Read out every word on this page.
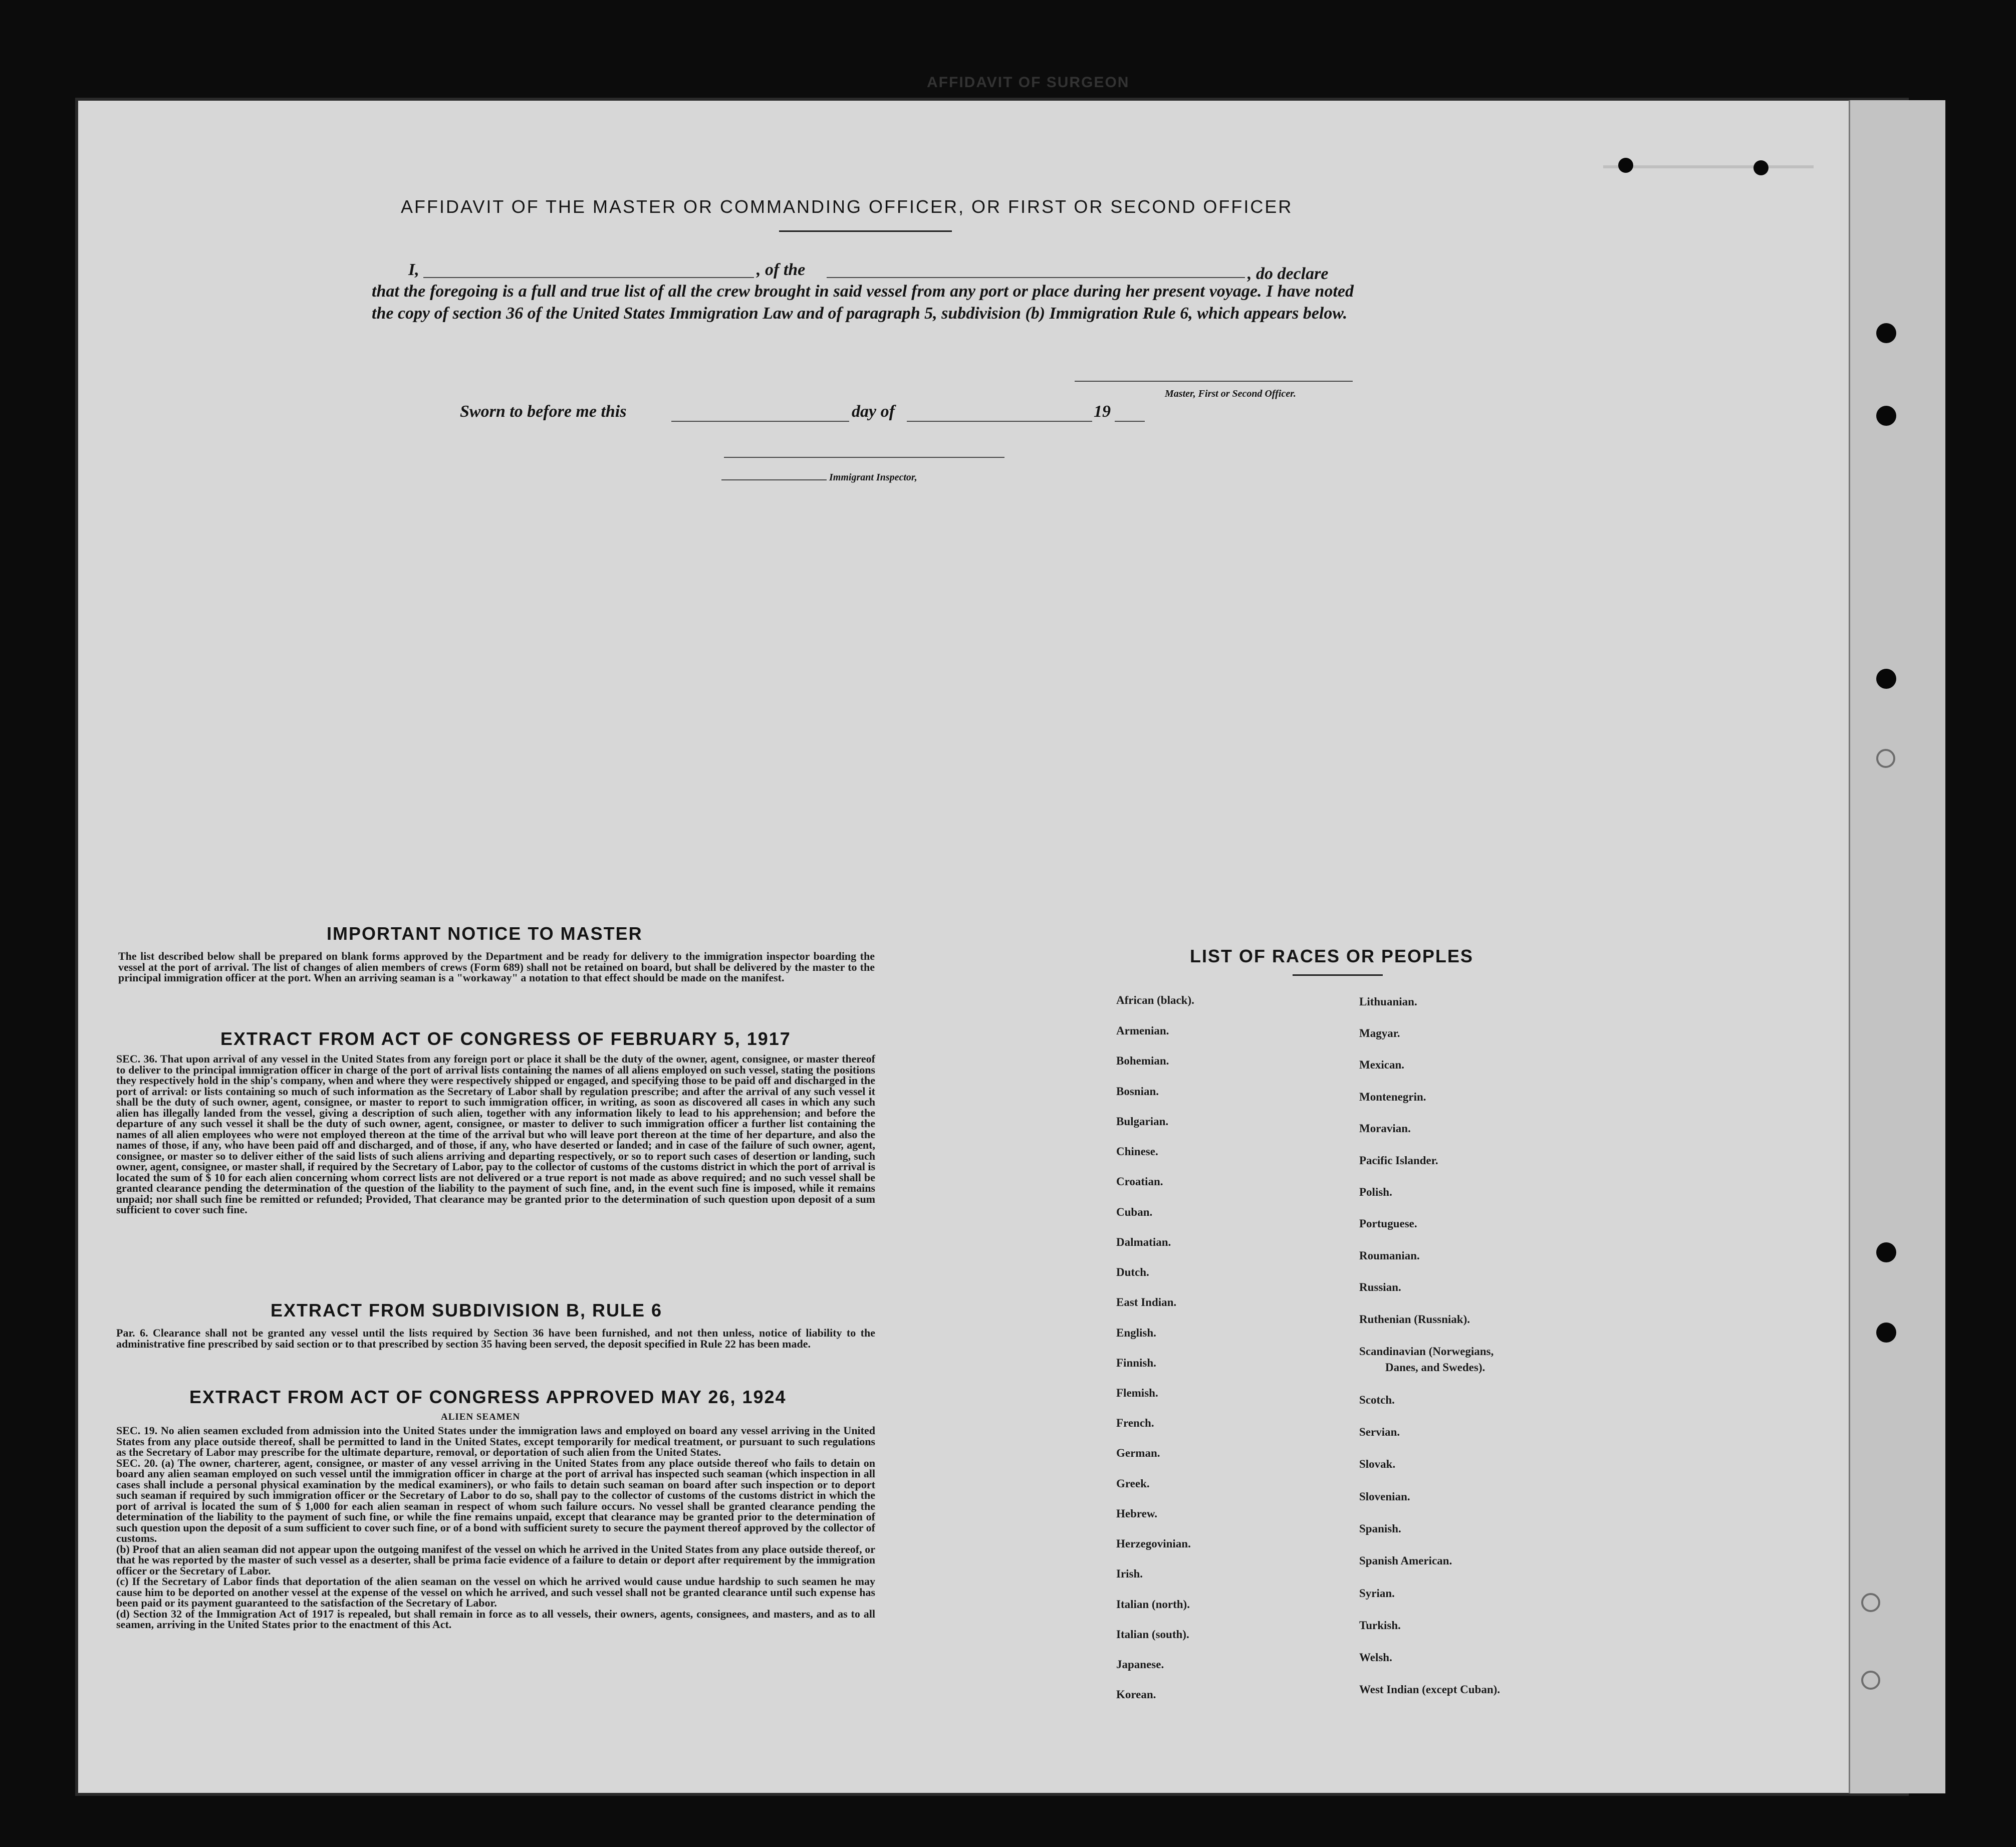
AFFIDAVIT OF SURGEON
AFFIDAVIT OF THE MASTER OR COMMANDING OFFICER, OR FIRST OR SECOND OFFICER
I,	, of the	, do declare
that the foregoing is a full and true list of all the crew brought in said vessel from any port or place during her present voyage. I have noted the copy of section 36 of the United States Immigration Law and of paragraph 5, subdivision (b) Immigration Rule 6, which appears below.
Master, First or Second Officer.
Sworn to before me this	day of	19
Immigrant Inspector,
IMPORTANT NOTICE TO MASTER
The list described below shall be prepared on blank forms approved by the Department and be ready for delivery to the immigration inspector boarding the vessel at the port of arrival. The list of changes of alien members of crews (Form 689) shall not be retained on board, but shall be delivered by the master to the principal immigration officer at the port. When an arriving seaman is a "workaway" a notation to that effect should be made on the manifest.
EXTRACT FROM ACT OF CONGRESS OF FEBRUARY 5, 1917
SEC. 36. That upon arrival of any vessel in the United States from any foreign port or place it shall be the duty of the owner, agent, consignee, or master thereof to deliver to the principal immigration officer in charge of the port of arrival lists containing the names of all aliens employed on such vessel, stating the positions they respectively hold in the ship's company, when and where they were respectively shipped or engaged, and specifying those to be paid off and discharged in the port of arrival: or lists containing so much of such information as the Secretary of Labor shall by regulation prescribe; and after the arrival of any such vessel it shall be the duty of such owner, agent, consignee, or master to report to such immigration officer, in writing, as soon as discovered all cases in which any such alien has illegally landed from the vessel, giving a description of such alien, together with any information likely to lead to his apprehension; and before the departure of any such vessel it shall be the duty of such owner, agent, consignee, or master to deliver to such immigration officer a further list containing the names of all alien employees who were not employed thereon at the time of the arrival but who will leave port thereon at the time of her departure, and also the names of those, if any, who have been paid off and discharged, and of those, if any, who have deserted or landed; and in case of the failure of such owner, agent, consignee, or master so to deliver either of the said lists of such aliens arriving and departing respectively, or so to report such cases of desertion or landing, such owner, agent, consignee, or master shall, if required by the Secretary of Labor, pay to the collector of customs of the customs district in which the port of arrival is located the sum of $ 10 for each alien concerning whom correct lists are not delivered or a true report is not made as above required; and no such vessel shall be granted clearance pending the determination of the question of the liability to the payment of such fine, and, in the event such fine is imposed, while it remains unpaid; nor shall such fine be remitted or refunded; Provided, That clearance may be granted prior to the determination of such question upon deposit of a sum sufficient to cover such fine.
EXTRACT FROM SUBDIVISION B, RULE 6
Par. 6. Clearance shall not be granted any vessel until the lists required by Section 36 have been furnished, and not then unless, notice of liability to the administrative fine prescribed by said section or to that prescribed by section 35 having been served, the deposit specified in Rule 22 has been made.
EXTRACT FROM ACT OF CONGRESS APPROVED MAY 26, 1924
ALIEN SEAMEN
SEC. 19. No alien seamen excluded from admission into the United States under the immigration laws and employed on board any vessel arriving in the United States from any place outside thereof, shall be permitted to land in the United States, except temporarily for medical treatment, or pursuant to such regulations as the Secretary of Labor may prescribe for the ultimate departure, removal, or deportation of such alien from the United States.
SEC. 20. (a) The owner, charterer, agent, consignee, or master of any vessel arriving in the United States from any place outside thereof who fails to detain on board any alien seaman employed on such vessel until the immigration officer in charge at the port of arrival has inspected such seaman (which inspection in all cases shall include a personal physical examination by the medical examiners), or who fails to detain such seaman on board after such inspection or to deport such seaman if required by such immigration officer or the Secretary of Labor to do so, shall pay to the collector of customs of the customs district in which the port of arrival is located the sum of $ 1,000 for each alien seaman in respect of whom such failure occurs. No vessel shall be granted clearance pending the determination of the liability to the payment of such fine, or while the fine remains unpaid, except that clearance may be granted prior to the determination of such question upon the deposit of a sum sufficient to cover such fine, or of a bond with sufficient surety to secure the payment thereof approved by the collector of customs.
(b) Proof that an alien seaman did not appear upon the outgoing manifest of the vessel on which he arrived in the United States from any place outside thereof, or that he was reported by the master of such vessel as a deserter, shall be prima facie evidence of a failure to detain or deport after requirement by the immigration officer or the Secretary of Labor.
(c) If the Secretary of Labor finds that deportation of the alien seaman on the vessel on which he arrived would cause undue hardship to such seamen he may cause him to be deported on another vessel at the expense of the vessel on which he arrived, and such vessel shall not be granted clearance until such expense has been paid or its payment guaranteed to the satisfaction of the Secretary of Labor.
(d) Section 32 of the Immigration Act of 1917 is repealed, but shall remain in force as to all vessels, their owners, agents, consignees, and masters, and as to all seamen, arriving in the United States prior to the enactment of this Act.
LIST OF RACES OR PEOPLES
African (black).
Armenian.
Bohemian.
Bosnian.
Bulgarian.
Chinese.
Croatian.
Cuban.
Dalmatian.
Dutch.
East Indian.
English.
Finnish.
Flemish.
French.
German.
Greek.
Hebrew.
Herzegovinian.
Irish.
Italian (north).
Italian (south).
Japanese.
Korean.
Lithuanian.
Magyar.
Mexican.
Montenegrin.
Moravian.
Pacific Islander.
Polish.
Portuguese.
Roumanian.
Russian.
Ruthenian (Russniak).
Scandinavian (Norwegians,
Danes, and Swedes).
Scotch.
Servian.
Slovak.
Slovenian.
Spanish.
Spanish American.
Syrian.
Turkish.
Welsh.
West Indian (except Cuban).
